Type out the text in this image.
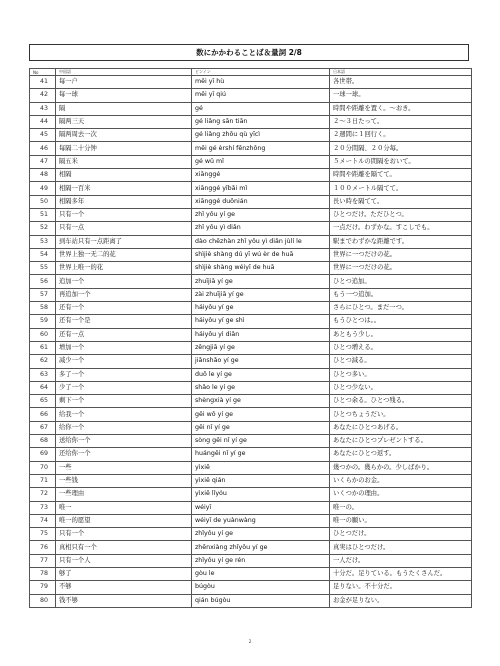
数にかかわることば＆量詞 2/8
No	中国語	ピンイン	日本語
41	每一户	měi yī hù	各世帯。
42	每一球	měi yī qiú	一球一球。
43	隔	gé	時間や距離を置く。〜おき。
44	隔两三天	gé liǎng sān tiān	２〜３日たって。
45	隔两周去一次	gé liǎng zhōu qù yīcì	２週間に１回行く。
46	每隔二十分钟	měi gé èrshí fēnzhōng	２０分間隔、２０分毎。
47	隔五米	gé wǔ mǐ	５メートルの間隔をおいて。
48	相隔	xiānggé	時間や距離を隔てて。
49	相隔一百米	xiānggé yībǎi mǐ	１００メートル隔てて。
50	相隔多年	xiānggé duōnián	長い時を隔てて。
51	只有一个	zhǐ yǒu yí ge	ひとつだけ。ただひとつ。
52	只有一点	zhǐ yǒu yì diǎn	一点だけ。わずかな。すこしでも。
53	到车站只有一点距离了	dào chēzhàn zhǐ yǒu yì diǎn jùlí le	駅までわずかな距離です。
54	世界上独一无二的花	shìjiè shàng dú yī wú èr de huā	世界に一つだけの花。
55	世界上唯一的花	shìjiè shàng wéiyī de huā	世界に一つだけの花。
56	追加一个	zhuījiā yí ge	ひとつ追加。
57	再追加一个	zài zhuījiā yí ge	もう一つ追加。
58	还有一个	háiyǒu yí ge	さらにひとつ。まだ一つ。
59	还有一个是	háiyǒu yí ge shì	もうひとつは。。
60	还有一点	háiyǒu yì diǎn	あともう少し。
61	增加一个	zēngjiā yí ge	ひとつ増える。
62	减少一个	jiǎnshǎo yí ge	ひとつ減る。
63	多了一个	duō le yí ge	ひとつ多い。
64	少了一个	shǎo le yí ge	ひとつ少ない。
65	剩下一个	shèngxià yí ge	ひとつ余る。ひとつ残る。
66	给我一个	gěi wǒ yí ge	ひとつちょうだい。
67	给你一个	gěi nǐ yí ge	あなたにひとつあげる。
68	送给你一个	sòng gěi nǐ yí ge	あなたにひとつプレゼントする。
69	还给你一个	huángěi nǐ yí ge	あなたにひとつ返す。
70	一些	yìxiē	幾つかの。幾らかの。少しばかり。
71	一些钱	yìxiē qián	いくらかのお金。
72	一些理由	yìxiē lǐyóu	いくつかの理由。
73	唯一	wéiyī	唯一の。
74	唯一的愿望	wéiyī de yuànwàng	唯一の願い。
75	只有一个	zhǐyǒu yí ge	ひとつだけ。
76	真相只有一个	zhēnxiàng zhǐyǒu yí ge	真実はひとつだけ。
77	只有一个人	zhǐyǒu yí ge rén	一人だけ。
78	够了	gòu le	十分だ。足りている。もうたくさんだ。
79	不够	búgòu	足りない。不十分だ。
80	钱不够	qián búgòu	お金が足りない。
2
